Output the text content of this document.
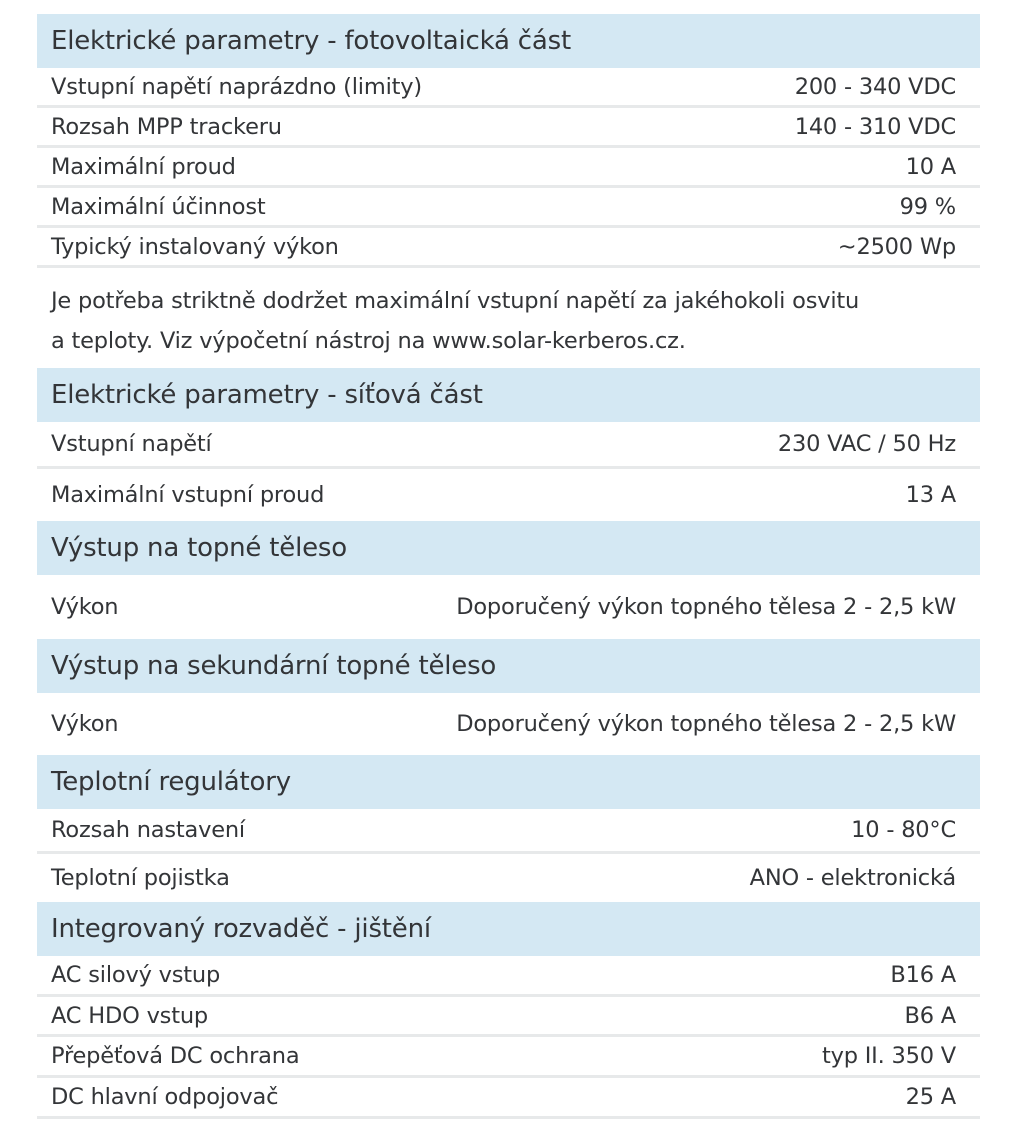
Elektrické parametry - fotovoltaická část
Vstupní napětí naprázdno (limity)	200 - 340 VDC
Rozsah MPP trackeru	140 - 310 VDC
Maximální proud	10 A
Maximální účinnost	99 %
Typický instalovaný výkon	~2500 Wp

Je potřeba striktně dodržet maximální vstupní napětí za jakéhokoli osvitu

a teploty. Viz výpočetní nástroj na www.solar-kerberos.cz.

Elektrické parametry - síťová část
Vstupní napětí	230 VAC / 50 Hz
Maximální vstupní proud	13 A
Výstup na topné těleso
Výkon	Doporučený výkon topného tělesa 2 - 2,5 kW
Výstup na sekundární topné těleso
Výkon	Doporučený výkon topného tělesa 2 - 2,5 kW
Teplotní regulátory
Rozsah nastavení	10 - 80°C
Teplotní pojistka	ANO - elektronická
Integrovaný rozvaděč - jištění
AC silový vstup	B16 A
AC HDO vstup	B6 A
Přepěťová DC ochrana	typ II. 350 V
DC hlavní odpojovač	25 A
